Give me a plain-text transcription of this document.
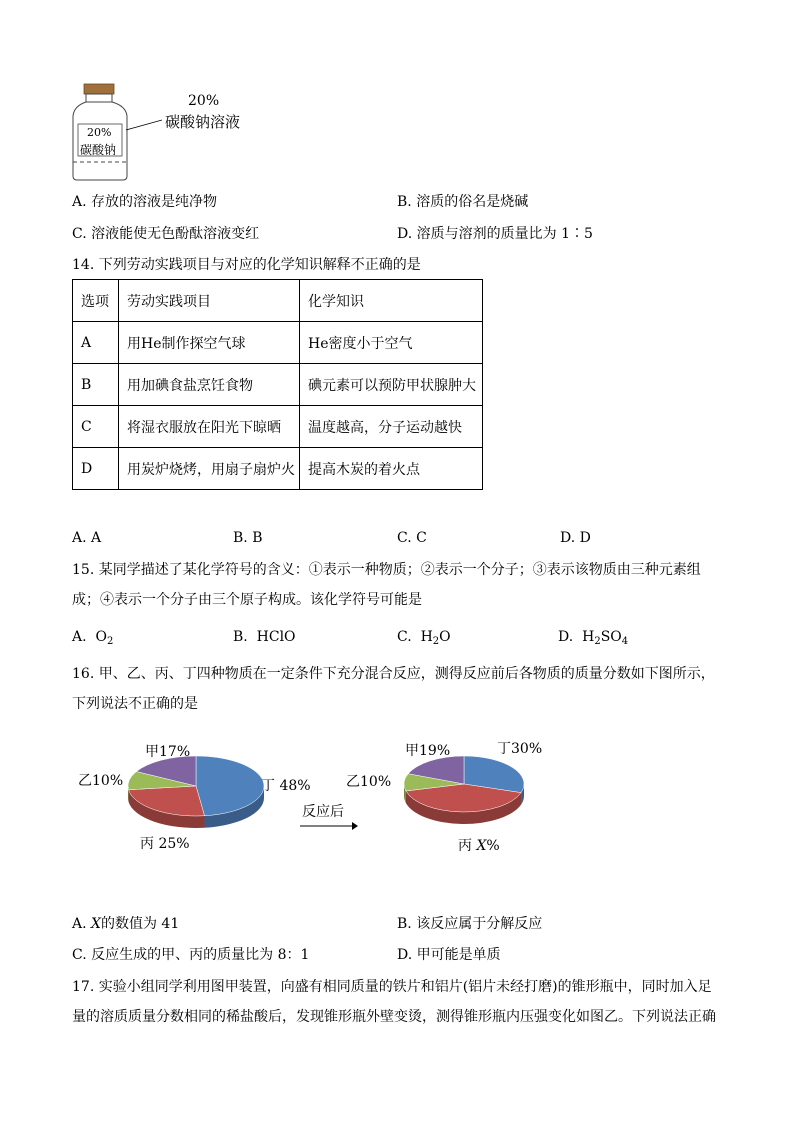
20%
碳酸钠
20%
碳酸钠溶液
A. 存放的溶液是纯净物	B. 溶质的俗名是烧碱
C. 溶液能使无色酚酞溶液变红	D. 溶质与溶剂的质量比为 1∶5
14. 下列劳动实践项目与对应的化学知识解释不正确的是
选项	劳动实践项目	化学知识
A	用He制作探空气球	He密度小于空气
B	用加碘食盐烹饪食物	碘元素可以预防甲状腺肿大
C	将湿衣服放在阳光下晾晒	温度越高，分子运动越快
D	用炭炉烧烤，用扇子扇炉火	提高木炭的着火点
A. A	B. B	C. C	D. D
15. 某同学描述了某化学符号的含义：①表示一种物质；②表示一个分子；③表示该物质由三种元素组
成；④表示一个分子由三个原子构成。该化学符号可能是
A. $O_2$	B. HClO	C. $H_2O$	D. $H_2SO_4$
16. 甲、乙、丙、丁四种物质在一定条件下充分混合反应，测得反应前后各物质的质量分数如下图所示，
下列说法不正确的是
甲17%
乙10%	丁 48%
丙 25%
反应后
甲19%	丁30%
乙10%
丙 X%
A. X的数值为 41	B. 该反应属于分解反应
C. 反应生成的甲、丙的质量比为 8：1	D. 甲可能是单质
17. 实验小组同学利用图甲装置，向盛有相同质量的铁片和铝片(铝片未经打磨)的锥形瓶中，同时加入足
量的溶质质量分数相同的稀盐酸后，发现锥形瓶外壁变烫，测得锥形瓶内压强变化如图乙。下列说法正确
